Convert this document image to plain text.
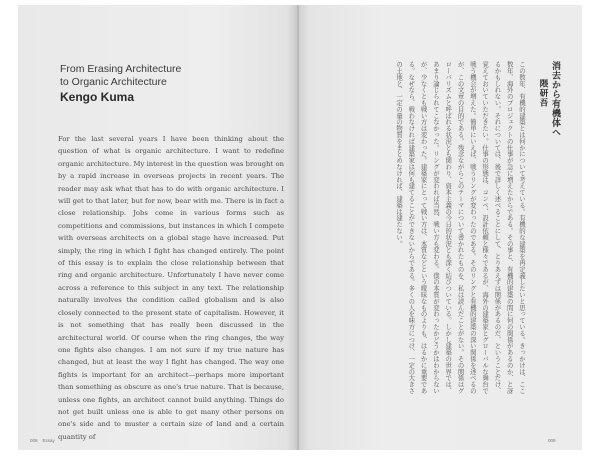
From Erasing Architecture
to Organic Architecture
Kengo Kuma

For the last several years I have been thinking about the question of what is organic architecture. I want to redefine organic architecture. My interest in the question was brought on by a rapid increase in overseas projects in recent years. The reader may ask what that has to do with organic architecture. I will get to that later, but for now, bear with me. There is in fact a close relationship. Jobs come in various forms such as competitions and commissions, but instances in which I compete with overseas architects on a global stage have increased. Put simply, the ring in which I fight has changed entirely. The point of this essay is to explain the close relationship between that ring and organic architecture. Unfortunately I have never come across a reference to this subject in any text. The relationship naturally involves the condition called globalism and is also closely connected to the present state of capitalism. However, it is not something that has really been discussed in the architectural world. Of course when the ring changes, the way one fights also changes. I am not sure if my true nature has changed, but at least the way I fight has changed. The way one fights is important for an architect—perhaps more important than something as obscure as one's true nature. That is because, unless one fights, an architect cannot build anything. Things do not get built unless one is able to get many other persons on one's side and to muster a certain size of land and a certain quantity of

008 Essay
消去から有機体へ
隈研吾

この数年、有機的建築とは何かについて考えている。有機的な建築を再定義したいと思っている。きっかけは、ここ数年、海外のプロジェクトの仕事が急に増えたからである。その事と、有機的建築の間に何の関係があるのか、と訝るかもしれない。それについては、後で詳しく述べることにして、とりあえずは関係があるのだ、ということだけ、覚えておいていただきたい。仕事の形態は、コンペ、設計依頼と様々であるが、海外の建築家とグローバルな舞台で戦う機会が増えた。簡単にいえば、戦うリングが変わったのである。そのリングと有機的建築の深い関係を述べるのが、この文章の目的である。残念ながらこのテーマについて書かれたものを、私は読んだことがない。その関係はグローバリズムと呼ばれる状況とも関わり、資本主義の今日的状況とも深く結びついている。しかし建築の世界では、あまり論じられてこなかった。リングが変われば当然、戦い方も変わる。僕の本質が変わったかどうかはわからないが、少なくとも戦い方は変わった。建築家にとって戦い方は、本質などという曖昧なものよりも、はるかに重要である。なぜなら、戦わなければ建築家は何も建てることができないからである。多くの人を味方につけ、一定の大きさの土地と、一定の量の物質をまとめなければ、建築は建たない。

009
